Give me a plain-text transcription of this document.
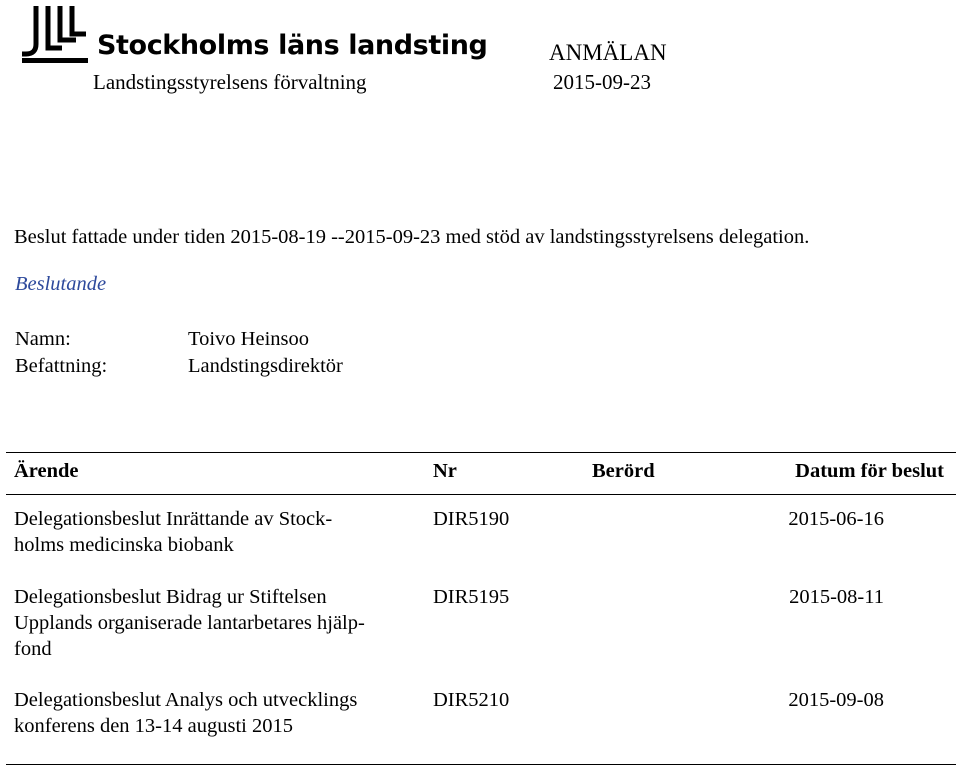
Stockholms läns landsting	ANMÄLAN
Landstingsstyrelsens förvaltning	2015-09-23
Beslut fattade under tiden 2015-08-19 --2015-09-23 med stöd av landstingsstyrelsens delegation.
Beslutande
Namn:	Toivo Heinsoo
Befattning:	Landstingsdirektör
Ärende	Nr	Berörd	Datum för beslut
Delegationsbeslut Inrättande av Stock-
holms medicinska biobank
DIR5190	2015-06-16
Delegationsbeslut Bidrag ur Stiftelsen
Upplands organiserade lantarbetares hjälp-
fond
DIR5195	2015-08-11
Delegationsbeslut Analys och utvecklings
konferens den 13-14 augusti 2015
DIR5210	2015-09-08
